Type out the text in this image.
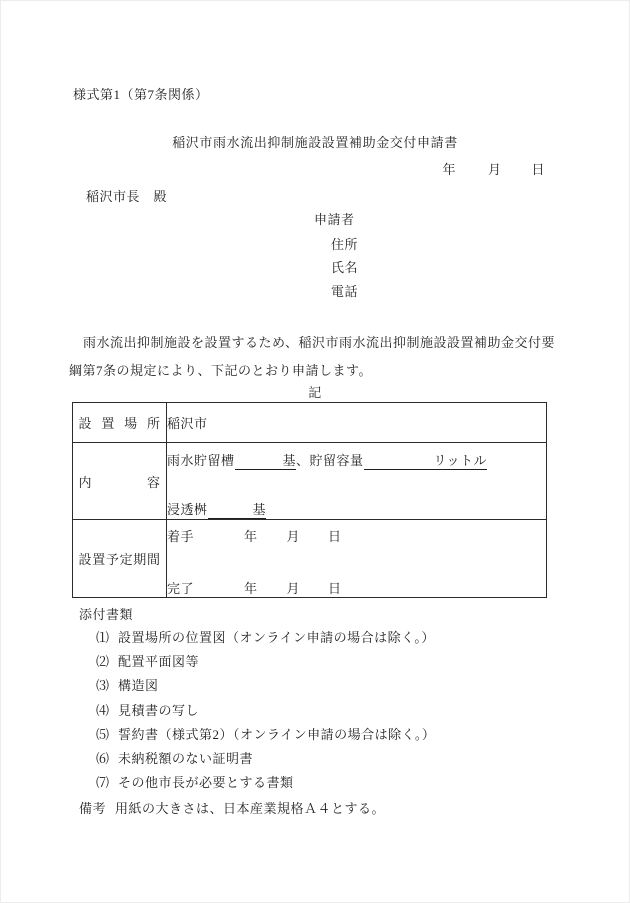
様式第1（第7条関係）
稲沢市雨水流出抑制施設設置補助金交付申請書
年 月 日
稲沢市長　殿
申請者
住所
氏名
電話
雨水流出抑制施設を設置するため、稲沢市雨水流出抑制施設設置補助金交付要
綱第7条の規定により、下記のとおり申請します。
記
設置場所	稲沢市

内容	雨水貯留槽 基、貯留容量 リットル
浸透桝 基

設置予定期間	着手 年 月 日
完了 年 月 日
添付書類
⑴ 設置場所の位置図（オンライン申請の場合は除く。）
⑵ 配置平面図等
⑶ 構造図
⑷ 見積書の写し
⑸ 誓約書（様式第2）（オンライン申請の場合は除く。）
⑹ 未納税額のない証明書
⑺ その他市長が必要とする書類
備考 用紙の大きさは、日本産業規格Ａ４とする。
